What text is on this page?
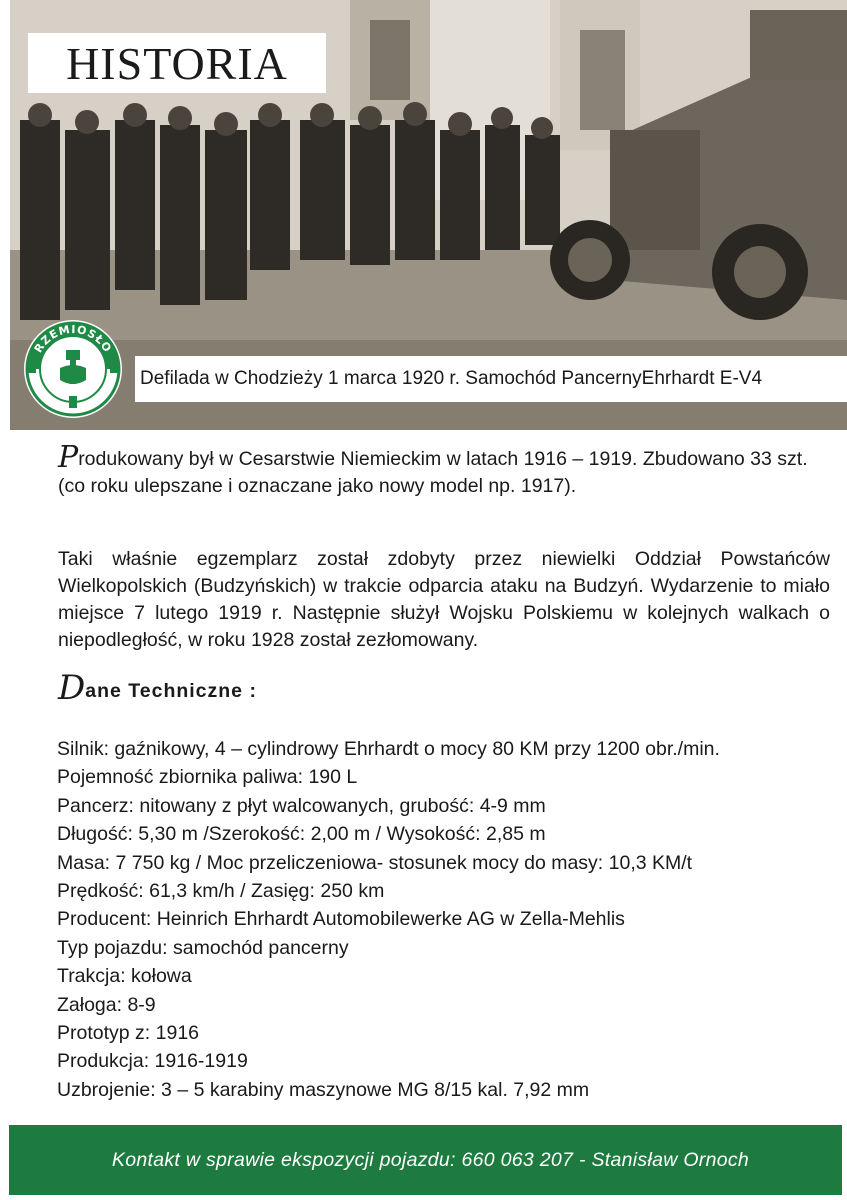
HISTORIA
Defilada w Chodzieży 1 marca 1920 r. Samochód PancernyEhrhardt E-V4
RZEMIOSŁO

Produkowany był w Cesarstwie Niemieckim w latach 1916 – 1919. Zbudowano 33 szt. (co roku ulepszane i oznaczane jako nowy model np. 1917).

Taki właśnie egzemplarz został zdobyty przez niewielki Oddział Powstańców Wielkopolskich (Budzyńskich) w trakcie odparcia ataku na Budzyń. Wydarzenie to miało miejsce 7 lutego 1919 r. Następnie służył Wojsku Polskiemu w kolejnych walkach o niepodległość, w roku 1928 został zezłomowany.

Dane Techniczne :
Silnik: gaźnikowy, 4 – cylindrowy Ehrhardt o mocy 80 KM przy 1200 obr./min.
Pojemność zbiornika paliwa: 190 L
Pancerz: nitowany z płyt walcowanych, grubość: 4-9 mm
Długość: 5,30 m /Szerokość: 2,00 m / Wysokość: 2,85 m
Masa: 7 750 kg / Moc przeliczeniowa- stosunek mocy do masy: 10,3 KM/t
Prędkość: 61,3 km/h / Zasięg: 250 km
Producent: Heinrich Ehrhardt Automobilewerke AG w Zella-Mehlis
Typ pojazdu: samochód pancerny
Trakcja: kołowa
Załoga: 8-9
Prototyp z: 1916
Produkcja: 1916-1919
Uzbrojenie: 3 – 5 karabiny maszynowe MG 8/15 kal. 7,92 mm
Kontakt w sprawie ekspozycji pojazdu: 660 063 207 - Stanisław Ornoch
